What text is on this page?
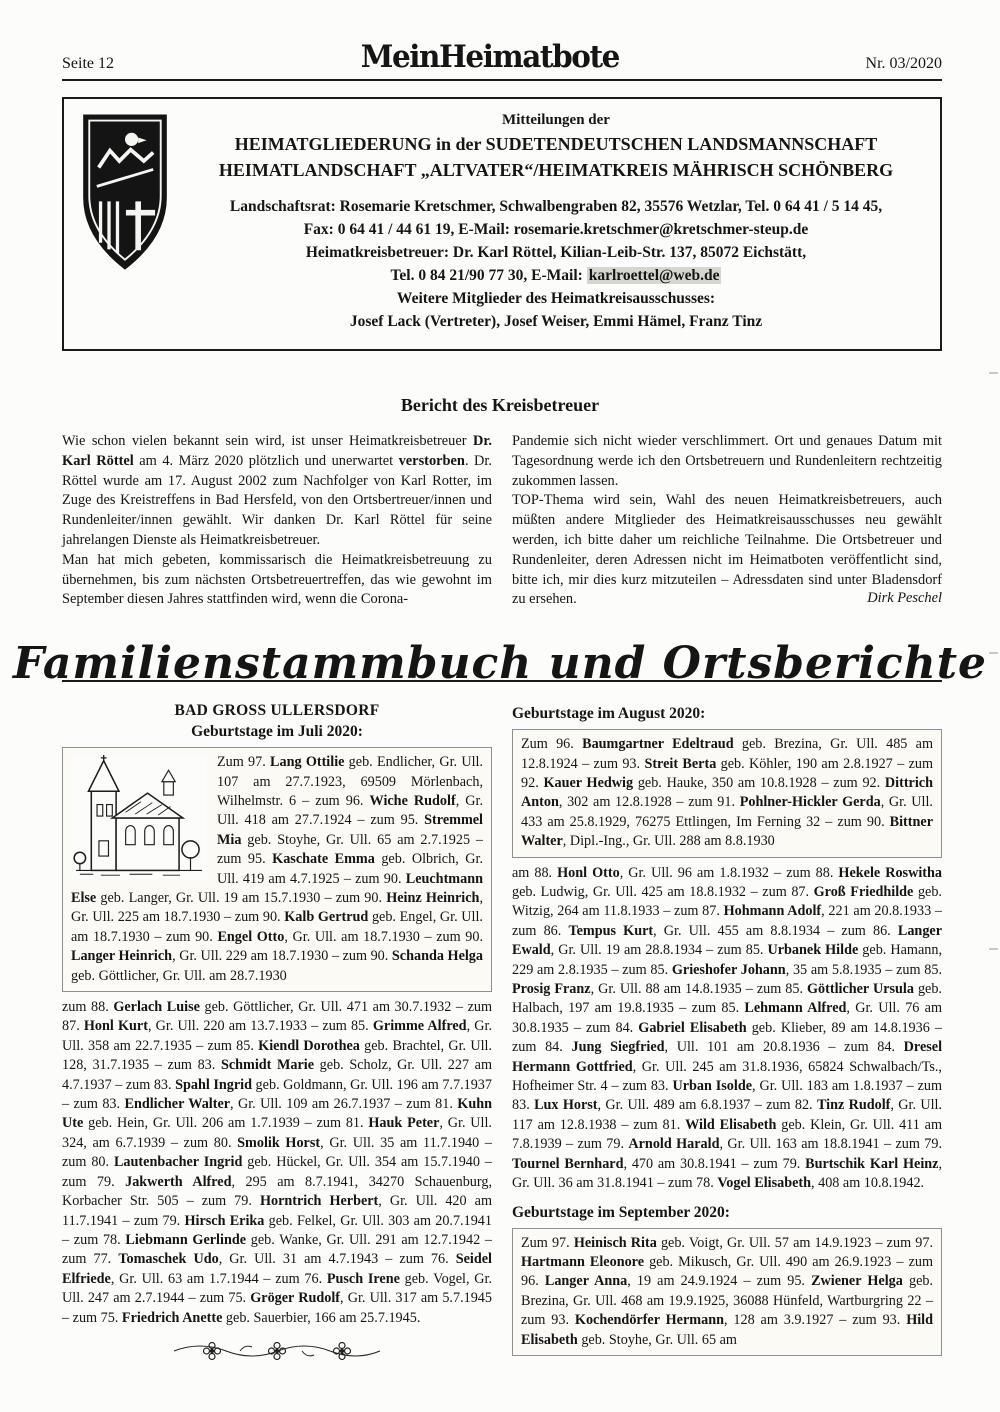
Seite 12	MeinHeimatbote	Nr. 03/2020
Mitteilungen der
HEIMATGLIEDERUNG in der SUDETENDEUTSCHEN LANDSMANNSCHAFT
HEIMATLANDSCHAFT „ALTVATER“/HEIMATKREIS MÄHRISCH SCHÖNBERG
Landschaftsrat: Rosemarie Kretschmer, Schwalbengraben 82, 35576 Wetzlar, Tel. 0 64 41 / 5 14 45,
Fax: 0 64 41 / 44 61 19, E-Mail: rosemarie.kretschmer@kretschmer-steup.de
Heimatkreisbetreuer: Dr. Karl Röttel, Kilian-Leib-Str. 137, 85072 Eichstätt,
Tel. 0 84 21/90 77 30, E-Mail: karlroettel@web.de
Weitere Mitglieder des Heimatkreisausschusses:
Josef Lack (Vertreter), Josef Weiser, Emmi Hämel, Franz Tinz
Bericht des Kreisbetreuer

Wie schon vielen bekannt sein wird, ist unser Heimatkreisbetreuer Dr. Karl Röttel am 4. März 2020 plötzlich und unerwartet verstorben. Dr. Röttel wurde am 17. August 2002 zum Nachfolger von Karl Rotter, im Zuge des Kreistreffens in Bad Hersfeld, von den Ortsbertreuer/innen und Rundenleiter/innen gewählt. Wir danken Dr. Karl Röttel für seine jahrelangen Dienste als Heimatkreisbetreuer.

Man hat mich gebeten, kommissarisch die Heimatkreisbetreuung zu übernehmen, bis zum nächsten Ortsbetreuertreffen, das wie gewohnt im September diesen Jahres stattfinden wird, wenn die Corona-

Pandemie sich nicht wieder verschlimmert. Ort und genaues Datum mit Tagesordnung werde ich den Ortsbetreuern und Rundenleitern rechtzeitig zukommen lassen.

TOP-Thema wird sein, Wahl des neuen Heimatkreisbetreuers, auch müßten andere Mitglieder des Heimatkreisausschusses neu gewählt werden, ich bitte daher um reichliche Teilnahme. Die Ortsbetreuer und Rundenleiter, deren Adressen nicht im Heimatboten veröffentlicht sind, bitte ich, mir dies kurz mitzuteilen – Adressdaten sind unter Bladensdorf zu ersehen.	Dirk Peschel
Familienstammbuch und Ortsberichte
BAD GROSS ULLERSDORF
Geburtstage im Juli 2020:
Zum 97. Lang Ottilie geb. Endlicher, Gr. Ull. 107 am 27.7.1923, 69509 Mörlenbach, Wilhelmstr. 6 – zum 96. Wiche Rudolf, Gr. Ull. 418 am 27.7.1924 – zum 95. Stremmel Mia geb. Stoyhe, Gr. Ull. 65 am 2.7.1925 – zum 95. Kaschate Emma geb. Olbrich, Gr. Ull. 419 am 4.7.1925 – zum 90. Leuchtmann Else geb. Langer, Gr. Ull. 19 am 15.7.1930 – zum 90. Heinz Heinrich, Gr. Ull. 225 am 18.7.1930 – zum 90. Kalb Gertrud geb. Engel, Gr. Ull. am 18.7.1930 – zum 90. Engel Otto, Gr. Ull. am 18.7.1930 – zum 90. Langer Heinrich, Gr. Ull. 229 am 18.7.1930 – zum 90. Schanda Helga geb. Göttlicher, Gr. Ull. am 28.7.1930

zum 88. Gerlach Luise geb. Göttlicher, Gr. Ull. 471 am 30.7.1932 – zum 87. Honl Kurt, Gr. Ull. 220 am 13.7.1933 – zum 85. Grimme Alfred, Gr. Ull. 358 am 22.7.1935 – zum 85. Kiendl Dorothea geb. Brachtel, Gr. Ull. 128, 31.7.1935 – zum 83. Schmidt Marie geb. Scholz, Gr. Ull. 227 am 4.7.1937 – zum 83. Spahl Ingrid geb. Goldmann, Gr. Ull. 196 am 7.7.1937 – zum 83. Endlicher Walter, Gr. Ull. 109 am 26.7.1937 – zum 81. Kuhn Ute geb. Hein, Gr. Ull. 206 am 1.7.1939 – zum 81. Hauk Peter, Gr. Ull. 324, am 6.7.1939 – zum 80. Smolik Horst, Gr. Ull. 35 am 11.7.1940 – zum 80. Lautenbacher Ingrid geb. Hückel, Gr. Ull. 354 am 15.7.1940 – zum 79. Jakwerth Alfred, 295 am 8.7.1941, 34270 Schauenburg, Korbacher Str. 505 – zum 79. Horntrich Herbert, Gr. Ull. 420 am 11.7.1941 – zum 79. Hirsch Erika geb. Felkel, Gr. Ull. 303 am 20.7.1941 – zum 78. Liebmann Gerlinde geb. Wanke, Gr. Ull. 291 am 12.7.1942 – zum 77. Tomaschek Udo, Gr. Ull. 31 am 4.7.1943 – zum 76. Seidel Elfriede, Gr. Ull. 63 am 1.7.1944 – zum 76. Pusch Irene geb. Vogel, Gr. Ull. 247 am 2.7.1944 – zum 75. Gröger Rudolf, Gr. Ull. 317 am 5.7.1945 – zum 75. Friedrich Anette geb. Sauerbier, 166 am 25.7.1945.

Geburtstage im August 2020:
Zum 96. Baumgartner Edeltraud geb. Brezina, Gr. Ull. 485 am 12.8.1924 – zum 93. Streit Berta geb. Köhler, 190 am 2.8.1927 – zum 92. Kauer Hedwig geb. Hauke, 350 am 10.8.1928 – zum 92. Dittrich Anton, 302 am 12.8.1928 – zum 91. Pohlner-Hickler Gerda, Gr. Ull. 433 am 25.8.1929, 76275 Ettlingen, Im Ferning 32 – zum 90. Bittner Walter, Dipl.-Ing., Gr. Ull. 288 am 8.8.1930

am 88. Honl Otto, Gr. Ull. 96 am 1.8.1932 – zum 88. Hekele Roswitha geb. Ludwig, Gr. Ull. 425 am 18.8.1932 – zum 87. Groß Friedhilde geb. Witzig, 264 am 11.8.1933 – zum 87. Hohmann Adolf, 221 am 20.8.1933 – zum 86. Tempus Kurt, Gr. Ull. 455 am 8.8.1934 – zum 86. Langer Ewald, Gr. Ull. 19 am 28.8.1934 – zum 85. Urbanek Hilde geb. Hamann, 229 am 2.8.1935 – zum 85. Grieshofer Johann, 35 am 5.8.1935 – zum 85. Prosig Franz, Gr. Ull. 88 am 14.8.1935 – zum 85. Göttlicher Ursula geb. Halbach, 197 am 19.8.1935 – zum 85. Lehmann Alfred, Gr. Ull. 76 am 30.8.1935 – zum 84. Gabriel Elisabeth geb. Klieber, 89 am 14.8.1936 – zum 84. Jung Siegfried, Ull. 101 am 20.8.1936 – zum 84. Dresel Hermann Gottfried, Gr. Ull. 245 am 31.8.1936, 65824 Schwalbach/Ts., Hofheimer Str. 4 – zum 83. Urban Isolde, Gr. Ull. 183 am 1.8.1937 – zum 83. Lux Horst, Gr. Ull. 489 am 6.8.1937 – zum 82. Tinz Rudolf, Gr. Ull. 117 am 12.8.1938 – zum 81. Wild Elisabeth geb. Klein, Gr. Ull. 411 am 7.8.1939 – zum 79. Arnold Harald, Gr. Ull. 163 am 18.8.1941 – zum 79. Tournel Bernhard, 470 am 30.8.1941 – zum 79. Burtschik Karl Heinz, Gr. Ull. 36 am 31.8.1941 – zum 78. Vogel Elisabeth, 408 am 10.8.1942.

Geburtstage im September 2020:
Zum 97. Heinisch Rita geb. Voigt, Gr. Ull. 57 am 14.9.1923 – zum 97. Hartmann Eleonore geb. Mikusch, Gr. Ull. 490 am 26.9.1923 – zum 96. Langer Anna, 19 am 24.9.1924 – zum 95. Zwiener Helga geb. Brezina, Gr. Ull. 468 am 19.9.1925, 36088 Hünfeld, Wartburgring 22 – zum 93. Kochendörfer Hermann, 128 am 3.9.1927 – zum 93. Hild Elisabeth geb. Stoyhe, Gr. Ull. 65 am
